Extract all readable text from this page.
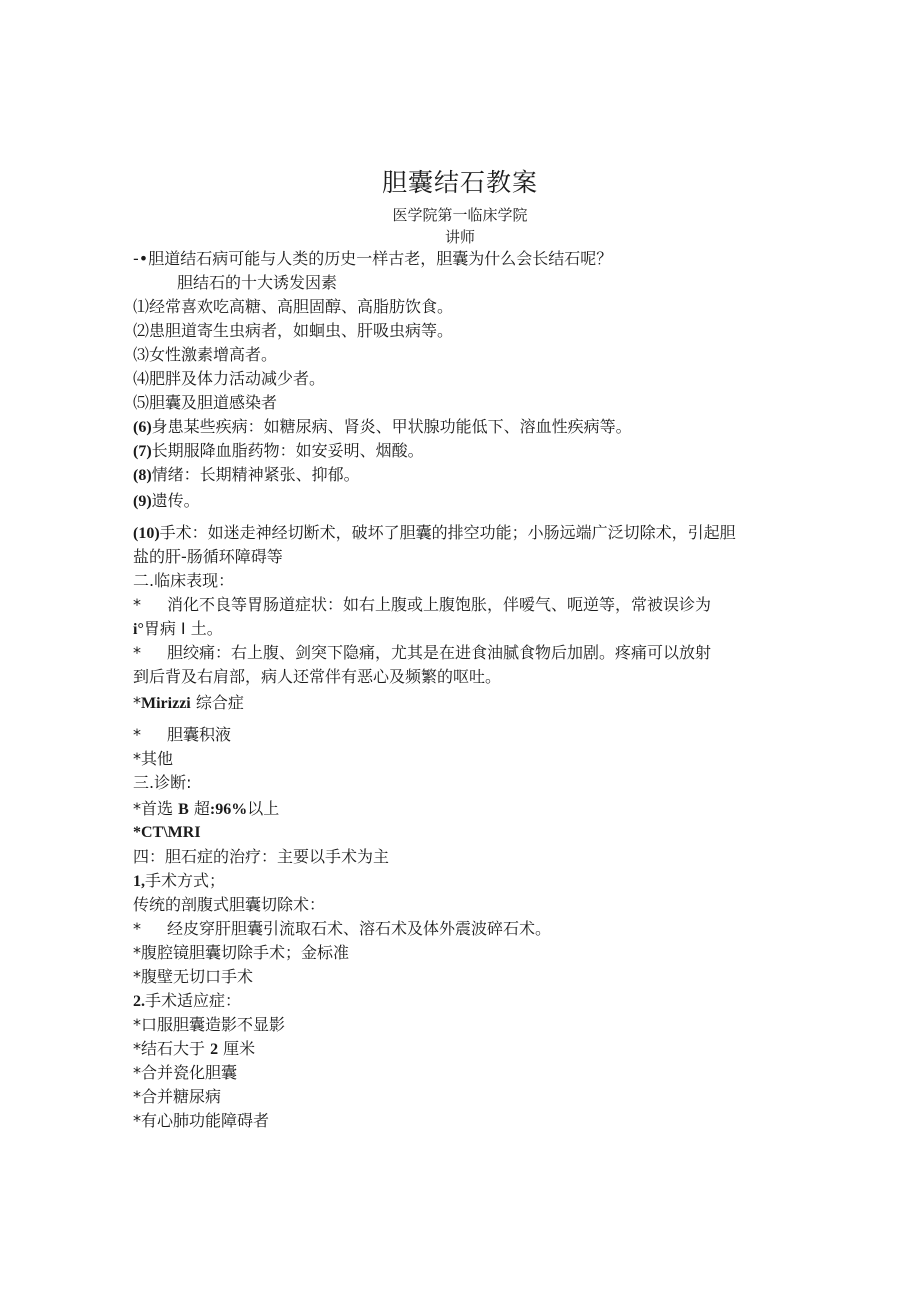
胆囊结石教案
医学院第一临床学院
讲师
-•胆道结石病可能与人类的历史一样古老，胆囊为什么会长结石呢？
胆结石的十大诱发因素
⑴经常喜欢吃高糖、高胆固醇、高脂肪饮食。
⑵患胆道寄生虫病者，如蛔虫、肝吸虫病等。
⑶女性激素增高者。
⑷肥胖及体力活动减少者。
⑸胆囊及胆道感染者
(6)身患某些疾病：如糖尿病、肾炎、甲状腺功能低下、溶血性疾病等。
(7)长期服降血脂药物：如安妥明、烟酸。
(8)情绪：长期精神紧张、抑郁。
(9)遗传。
(10)手术：如迷走神经切断术，破坏了胆囊的排空功能；小肠远端广泛切除术，引起胆
盐的肝-肠循环障碍等
二.临床表现：
* 消化不良等胃肠道症状：如右上腹或上腹饱胀，伴嗳气、呃逆等，常被误诊为
i°胃病 I 土。
* 胆绞痛：右上腹、剑突下隐痛，尤其是在进食油腻食物后加剧。疼痛可以放射
到后背及右肩部，病人还常伴有恶心及频繁的呕吐。
*Mirizzi 综合症
* 胆囊积液
*其他
三.诊断:
*首选 B 超:96%以上
*CT\MRI
四：胆石症的治疗：主要以手术为主
1,手术方式；
传统的剖腹式胆囊切除术：
* 经皮穿肝胆囊引流取石术、溶石术及体外震波碎石术。
*腹腔镜胆囊切除手术；金标准
*腹壁无切口手术
2.手术适应症：
*口服胆囊造影不显影
*结石大于 2 厘米
*合并瓷化胆囊
*合并糖尿病
*有心肺功能障碍者
